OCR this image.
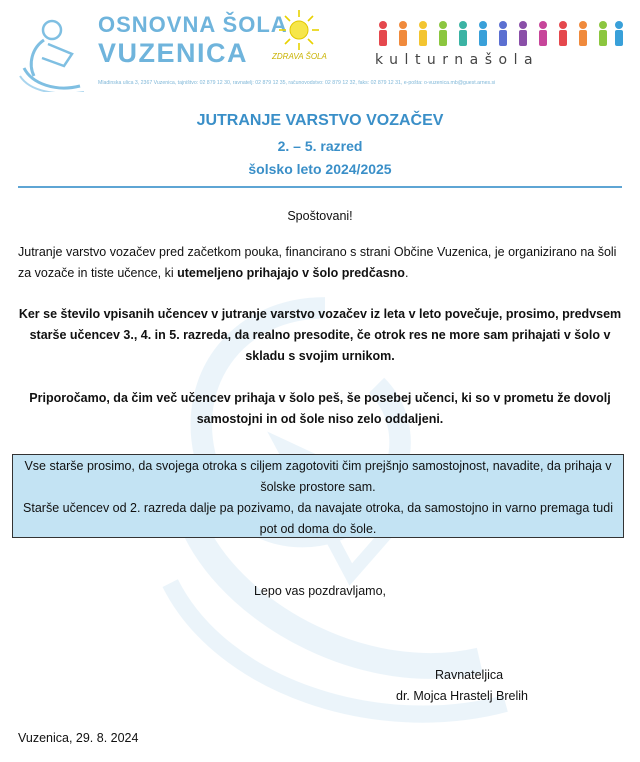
OSNOVNA ŠOLA
VUZENICA	ZDRAVA ŠOLA	kulturnašola
Mladinska ulica 3, 2367 Vuzenica, tajništvo: 02 879 12 30, ravnatelj: 02 879 12 35, računovodstvo: 02 879 12 32, faks: 02 879 12 31, e-pošta: o-vuzenica.mb@guest.arnes.si
JUTRANJE VARSTVO VOZAČEV
2. – 5. razred
šolsko leto 2024/2025
Spoštovani!
Jutranje varstvo vozačev pred začetkom pouka, financirano s strani Občine Vuzenica, je organizirano na šoli za vozače in tiste učence, ki utemeljeno prihajajo v šolo predčasno.
Ker se število vpisanih učencev v jutranje varstvo vozačev iz leta v leto povečuje, prosimo, predvsem starše učencev 3., 4. in 5. razreda, da realno presodite, če otrok res ne more sam prihajati v šolo v skladu s svojim urnikom.
Priporočamo, da čim več učencev prihaja v šolo peš, še posebej učenci, ki so v prometu že dovolj samostojni in od šole niso zelo oddaljeni.
Vse starše prosimo, da svojega otroka s ciljem zagotoviti čim prejšnjo samostojnost, navadite, da prihaja v šolske prostore sam.
Starše učencev od 2. razreda dalje pa pozivamo, da navajate otroka, da samostojno in varno premaga tudi pot od doma do šole.
Lepo vas pozdravljamo,
Ravnateljica
dr. Mojca Hrastelj Brelih
Vuzenica, 29. 8. 2024
